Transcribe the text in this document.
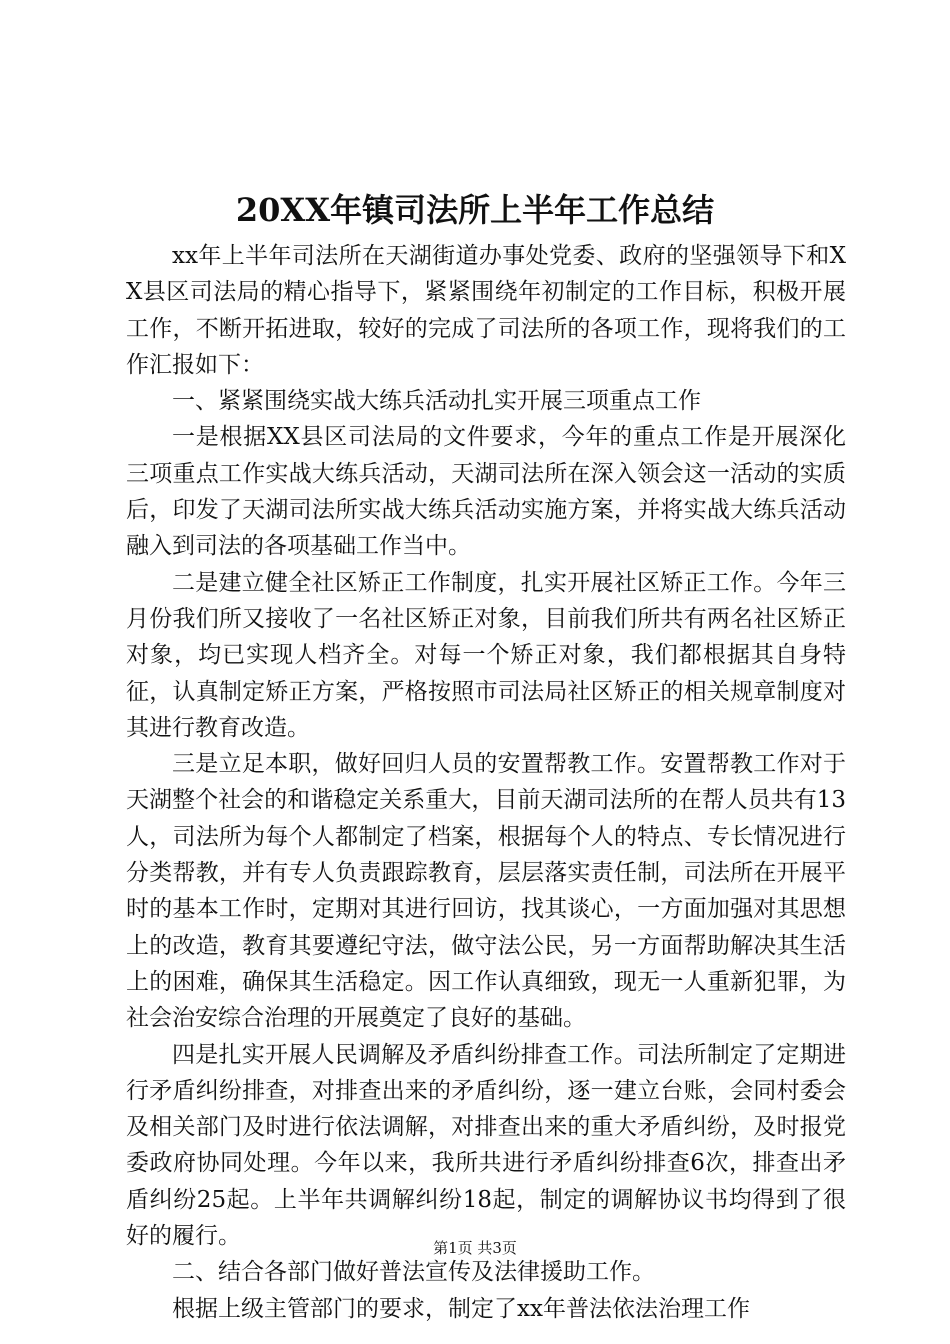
20XX年镇司法所上半年工作总结

xx年上半年司法所在天湖街道办事处党委、政府的坚强领导下和XX县区司法局的精心指导下，紧紧围绕年初制定的工作目标，积极开展工作，不断开拓进取，较好的完成了司法所的各项工作，现将我们的工作汇报如下：

一、紧紧围绕实战大练兵活动扎实开展三项重点工作

一是根据XX县区司法局的文件要求，今年的重点工作是开展深化三项重点工作实战大练兵活动，天湖司法所在深入领会这一活动的实质后，印发了天湖司法所实战大练兵活动实施方案，并将实战大练兵活动融入到司法的各项基础工作当中。

二是建立健全社区矫正工作制度，扎实开展社区矫正工作。今年三月份我们所又接收了一名社区矫正对象，目前我们所共有两名社区矫正对象，均已实现人档齐全。对每一个矫正对象，我们都根据其自身特征，认真制定矫正方案，严格按照市司法局社区矫正的相关规章制度对其进行教育改造。

三是立足本职，做好回归人员的安置帮教工作。安置帮教工作对于天湖整个社会的和谐稳定关系重大，目前天湖司法所的在帮人员共有13人，司法所为每个人都制定了档案，根据每个人的特点、专长情况进行分类帮教，并有专人负责跟踪教育，层层落实责任制，司法所在开展平时的基本工作时，定期对其进行回访，找其谈心，一方面加强对其思想上的改造，教育其要遵纪守法，做守法公民，另一方面帮助解决其生活上的困难，确保其生活稳定。因工作认真细致，现无一人重新犯罪，为社会治安综合治理的开展奠定了良好的基础。

四是扎实开展人民调解及矛盾纠纷排查工作。司法所制定了定期进行矛盾纠纷排查，对排查出来的矛盾纠纷，逐一建立台账，会同村委会及相关部门及时进行依法调解，对排查出来的重大矛盾纠纷，及时报党委政府协同处理。今年以来，我所共进行矛盾纠纷排查6次，排查出矛盾纠纷25起。上半年共调解纠纷18起，制定的调解协议书均得到了很好的履行。

二、结合各部门做好普法宣传及法律援助工作。

根据上级主管部门的要求，制定了xx年普法依法治理工作

第1页 共3页
